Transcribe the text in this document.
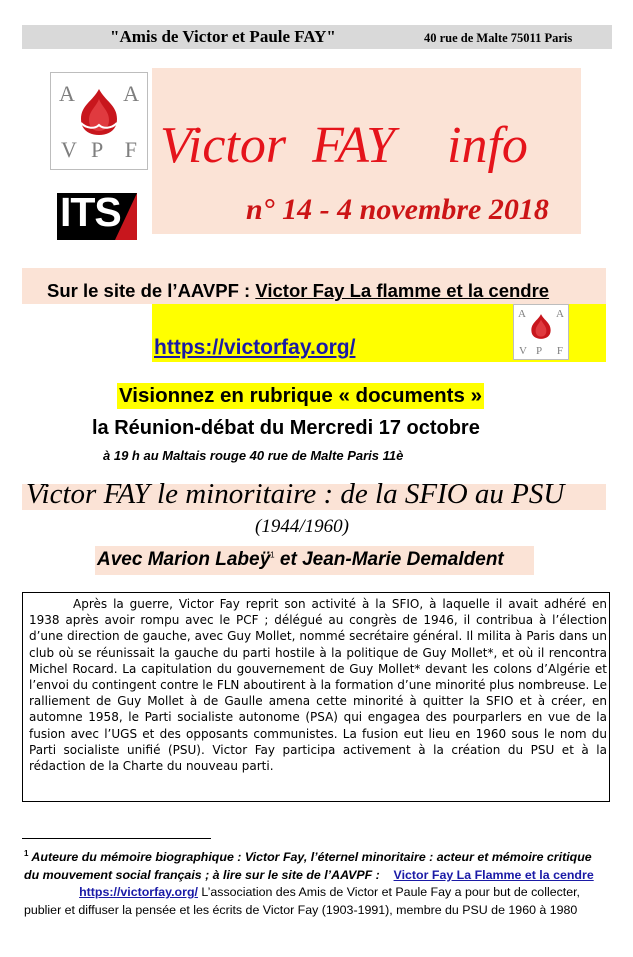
"Amis de Victor et Paule FAY"	40 rue de Malte 75011 Paris
Victor  FAY    info
n° 14 - 4 novembre 2018
A A
V P F
ITS
Sur le site de l’AAVPF : Victor Fay La flamme et la cendre
https://victorfay.org/
A	A
V P F
Visionnez en rubrique « documents »
la Réunion-débat du Mercredi 17 octobre
à 19 h au Maltais rouge 40 rue de Malte Paris 11è
Victor FAY le minoritaire : de la SFIO au PSU
(1944/1960)
Avec Marion Labeÿ$^1$ et Jean-Marie Demaldent
Après la guerre, Victor Fay reprit son activité à la SFIO, à laquelle il avait adhéré en 1938 après avoir rompu avec le PCF ; délégué au congrès de 1946, il contribua à l’élection d’une direction de gauche, avec Guy Mollet, nommé secrétaire général. Il milita à Paris dans un club où se réunissait la gauche du parti hostile à la politique de Guy Mollet*, et où il rencontra Michel Rocard. La capitulation du gouvernement de Guy Mollet* devant les colons d’Algérie et l’envoi du contingent contre le FLN aboutirent à la formation d’une minorité plus nombreuse. Le ralliement de Guy Mollet à de Gaulle amena cette minorité à quitter la SFIO et à créer, en automne 1958, le Parti socialiste autonome (PSA) qui engagea des pourparlers en vue de la fusion avec l’UGS et des opposants communistes. La fusion eut lieu en 1960 sous le nom du Parti socialiste unifié (PSU). Victor Fay participa activement à la création du PSU et à la rédaction de la Charte du nouveau parti.
$^1$ Auteure du mémoire biographique : Victor Fay, l’éternel minoritaire : acteur et mémoire critique du mouvement social français ; à lire sur le site de l’AAVPF : Victor Fay La Flamme et la cendre
https://victorfay.org/ L’association des Amis de Victor et Paule Fay a pour but de collecter, publier et diffuser la pensée et les écrits de Victor Fay (1903-1991), membre du PSU de 1960 à 1980
